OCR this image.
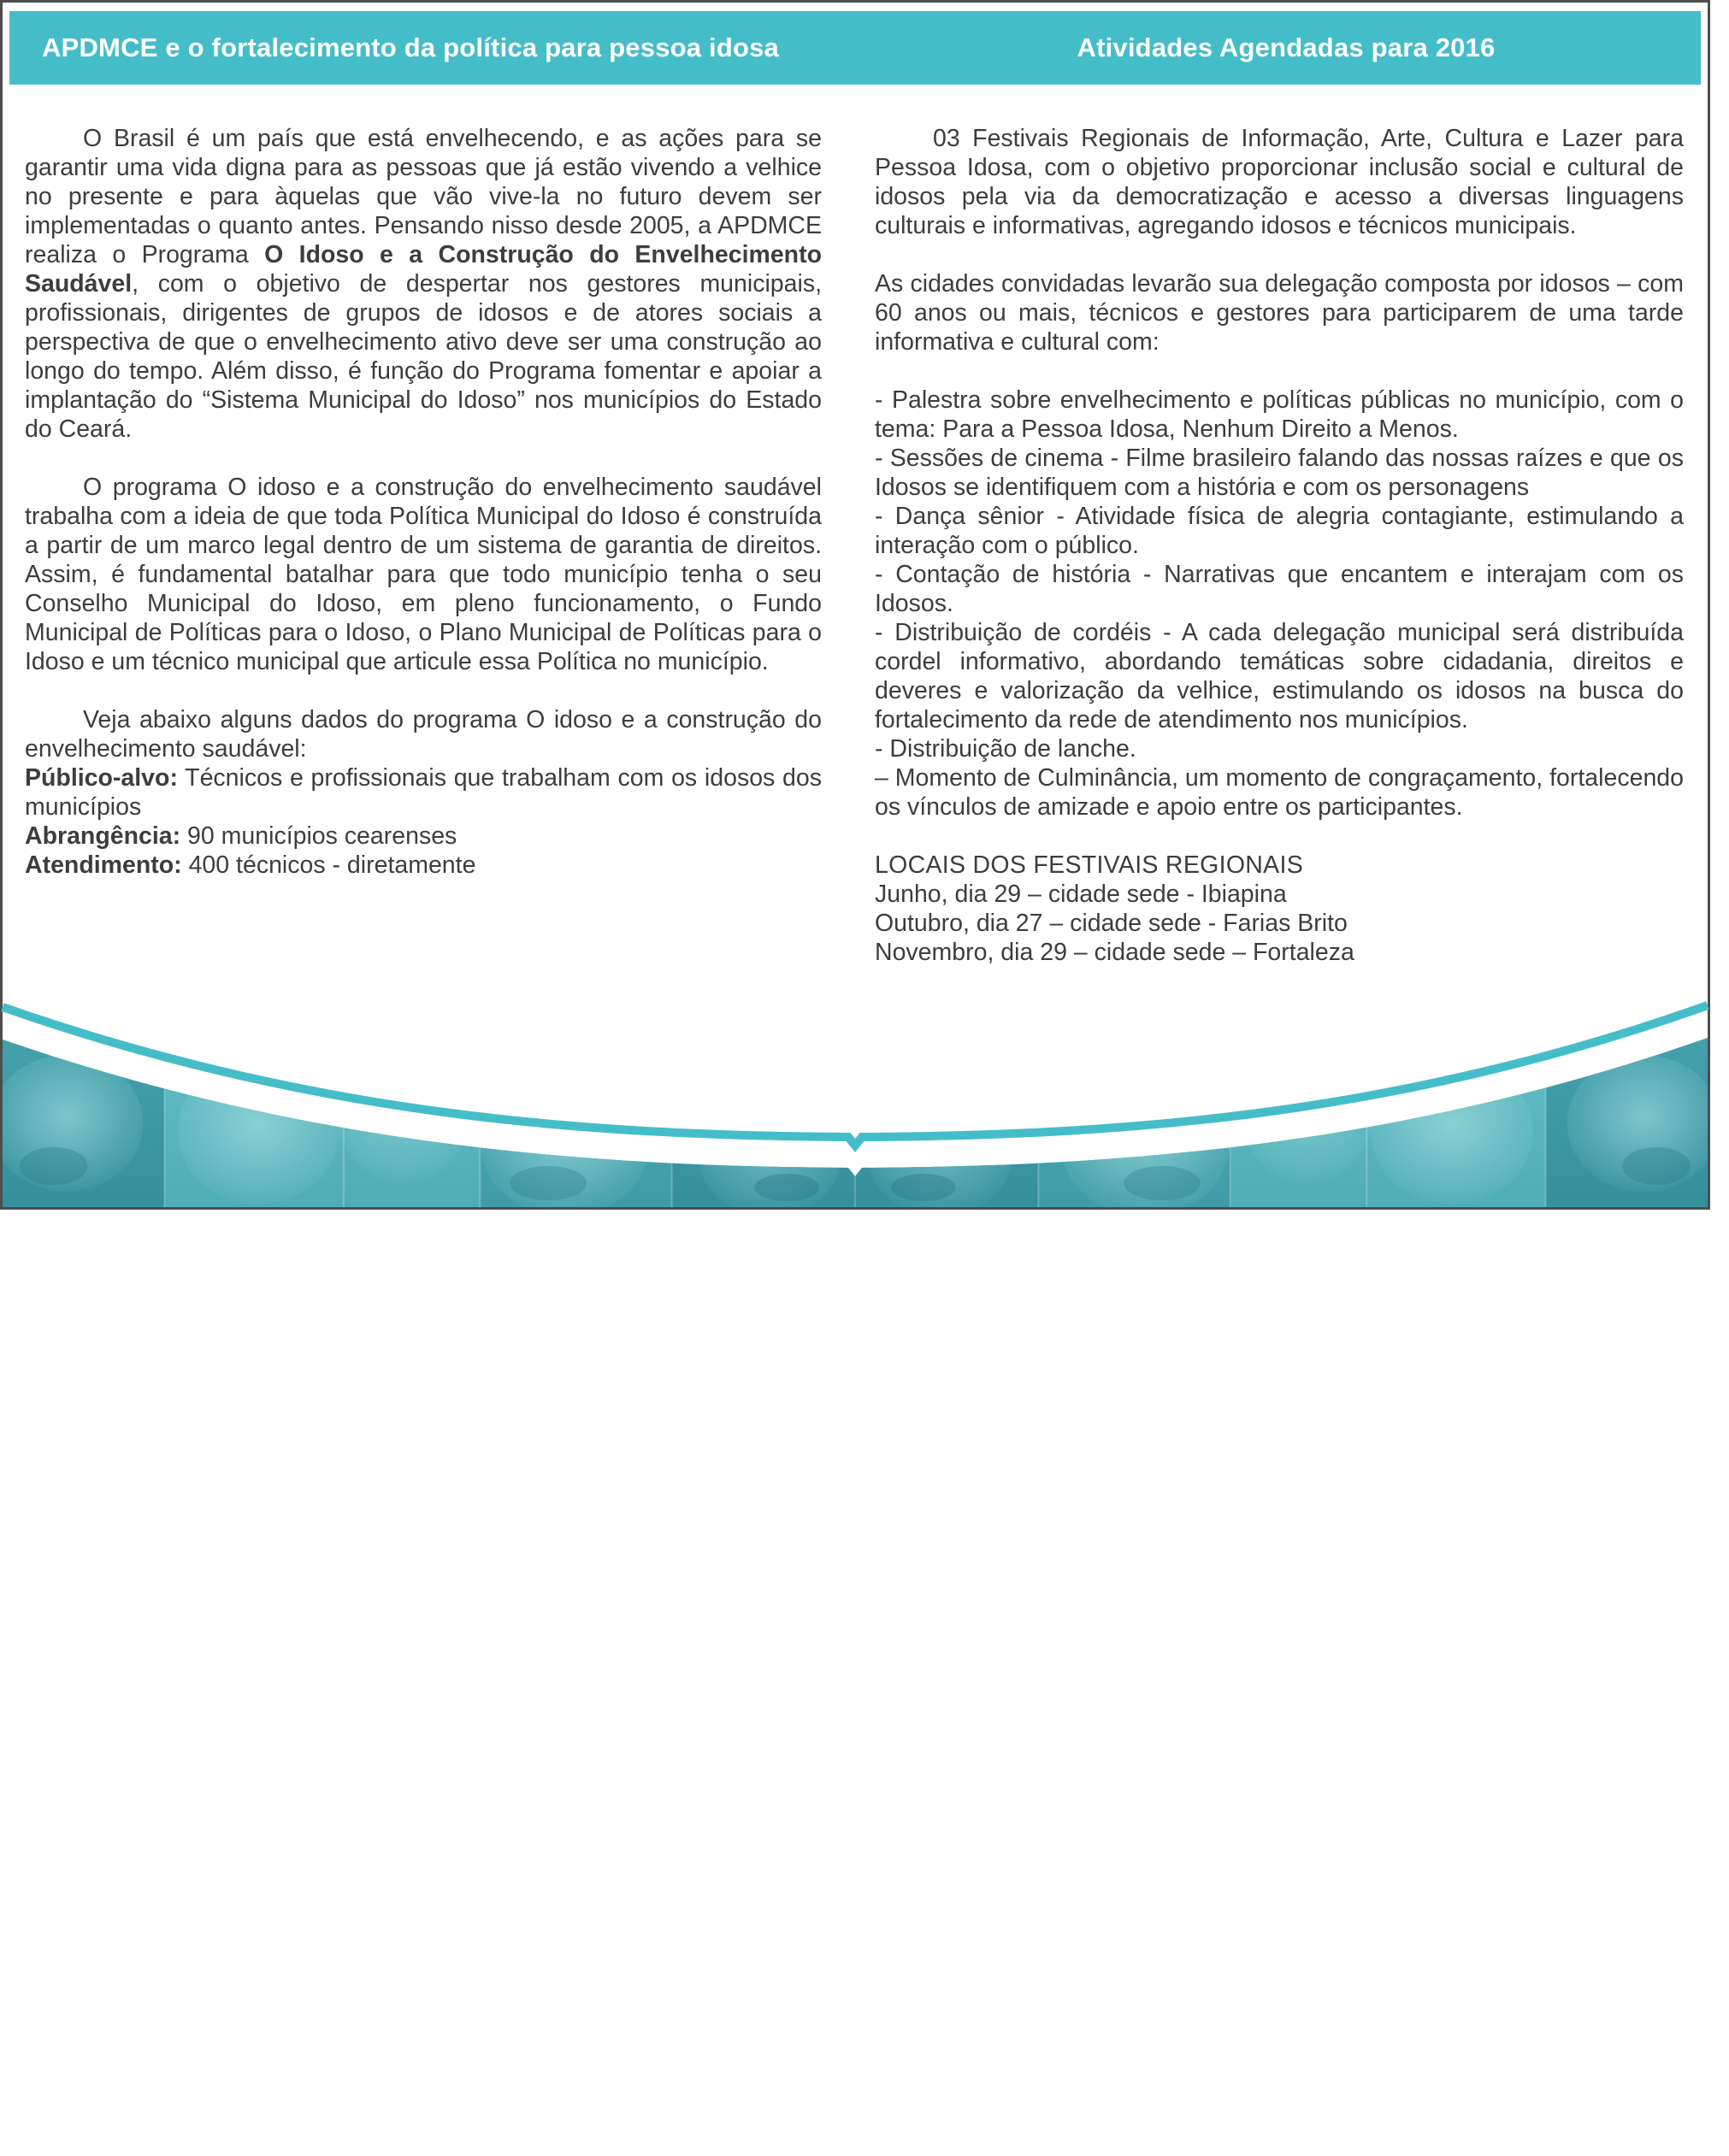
APDMCE e o fortalecimento da política para pessoa idosa	Atividades Agendadas para 2016

O Brasil é um país que está envelhecendo, e as ações para se garantir uma vida digna para as pessoas que já estão vivendo a velhice no presente e para àquelas que vão vive-la no futuro devem ser implementadas o quanto antes. Pensando nisso desde 2005, a APDMCE realiza o Programa O Idoso e a Construção do Envelhecimento Saudável, com o objetivo de despertar nos gestores municipais, profissionais, dirigentes de grupos de idosos e de atores sociais a perspectiva de que o envelhecimento ativo deve ser uma construção ao longo do tempo. Além disso, é função do Programa fomentar e apoiar a implantação do “Sistema Municipal do Idoso” nos municípios do Estado do Ceará.

O programa O idoso e a construção do envelhecimento saudável trabalha com a ideia de que toda Política Municipal do Idoso é construída a partir de um marco legal dentro de um sistema de garantia de direitos. Assim, é fundamental batalhar para que todo município tenha o seu Conselho Municipal do Idoso, em pleno funcionamento, o Fundo Municipal de Políticas para o Idoso, o Plano Municipal de Políticas para o Idoso e um técnico municipal que articule essa Política no município.

Veja abaixo alguns dados do programa O idoso e a construção do envelhecimento saudável:

Público-alvo: Técnicos e profissionais que trabalham com os idosos dos municípios

Abrangência: 90 municípios cearenses

Atendimento: 400 técnicos - diretamente

03 Festivais Regionais de Informação, Arte, Cultura e Lazer para Pessoa Idosa, com o objetivo proporcionar inclusão social e cultural de idosos pela via da democratização e acesso a diversas linguagens culturais e informativas, agregando idosos e técnicos municipais.

As cidades convidadas levarão sua delegação composta por idosos – com 60 anos ou mais, técnicos e gestores para participarem de uma tarde informativa e cultural com:

- Palestra sobre envelhecimento e políticas públicas no município, com o tema: Para a Pessoa Idosa, Nenhum Direito a Menos.

- Sessões de cinema - Filme brasileiro falando das nossas raízes e que os Idosos se identifiquem com a história e com os personagens

- Dança sênior - Atividade física de alegria contagiante, estimulando a interação com o público.

- Contação de história - Narrativas que encantem e interajam com os Idosos.

- Distribuição de cordéis - A cada delegação municipal será distribuída cordel informativo, abordando temáticas sobre cidadania, direitos e deveres e valorização da velhice, estimulando os idosos na busca do fortalecimento da rede de atendimento nos municípios.

- Distribuição de lanche.

– Momento de Culminância, um momento de congraçamento, fortalecendo os vínculos de amizade e apoio entre os participantes.

LOCAIS DOS FESTIVAIS REGIONAIS

Junho, dia 29 – cidade sede - Ibiapina

Outubro, dia 27 – cidade sede - Farias Brito

Novembro, dia 29 – cidade sede – Fortaleza

apdm.ce
O Idoso e a
Construção do
Envelhecimento
Saudável	apdm.ce
O Idoso e a
Construção do
Envelhecimento
Saudável
